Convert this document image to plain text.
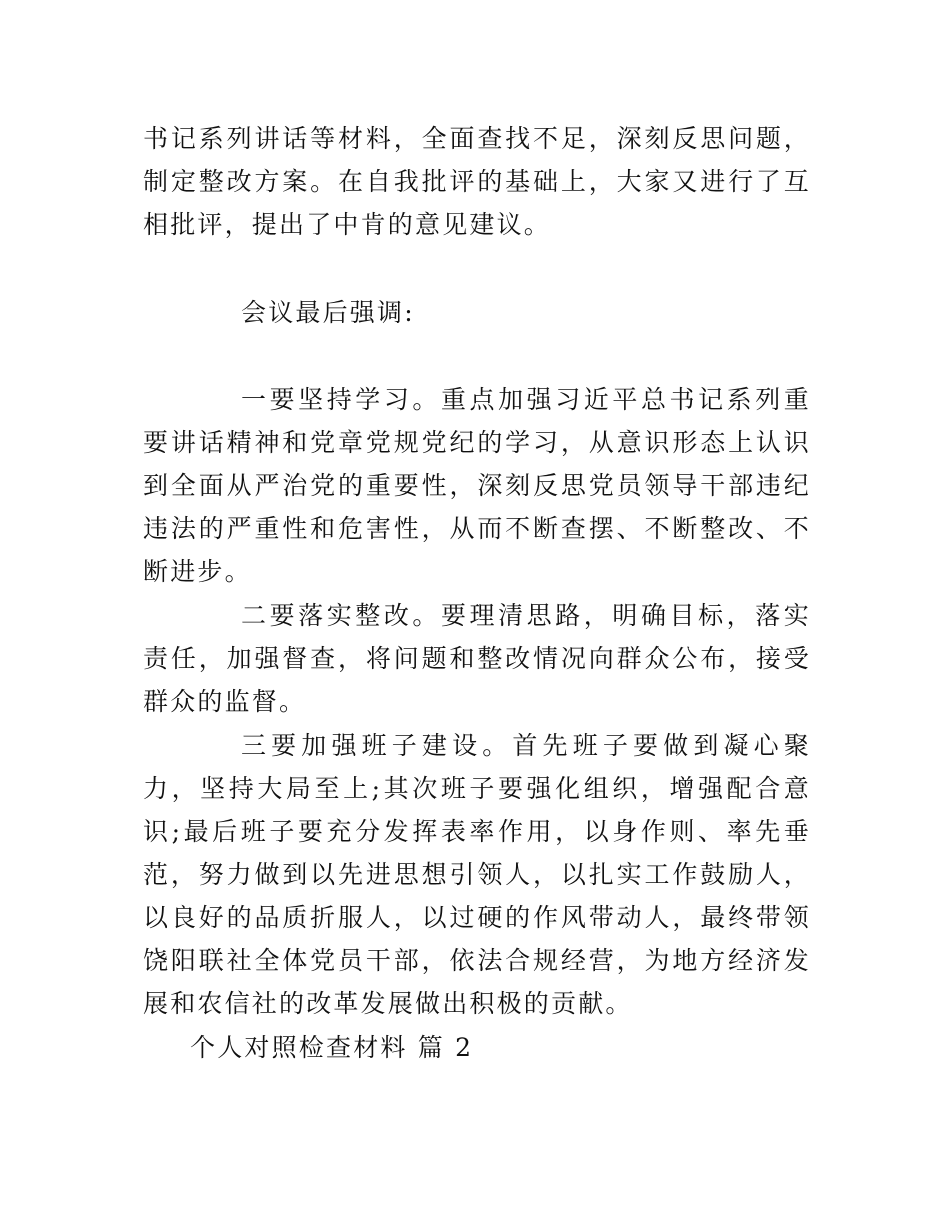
书记系列讲话等材料，全面查找不足，深刻反思问题，制定整改方案。在自我批评的基础上，大家又进行了互相批评，提出了中肯的意见建议。

会议最后强调:

一要坚持学习。重点加强习近平总书记系列重要讲话精神和党章党规党纪的学习，从意识形态上认识到全面从严治党的重要性，深刻反思党员领导干部违纪违法的严重性和危害性，从而不断查摆、不断整改、不断进步。

二要落实整改。要理清思路，明确目标，落实责任，加强督查，将问题和整改情况向群众公布，接受群众的监督。

三要加强班子建设。首先班子要做到凝心聚力，坚持大局至上;其次班子要强化组织，增强配合意识;最后班子要充分发挥表率作用，以身作则、率先垂范，努力做到以先进思想引领人，以扎实工作鼓励人，以良好的品质折服人，以过硬的作风带动人，最终带领饶阳联社全体党员干部，依法合规经营，为地方经济发展和农信社的改革发展做出积极的贡献。

个人对照检查材料 篇 2
